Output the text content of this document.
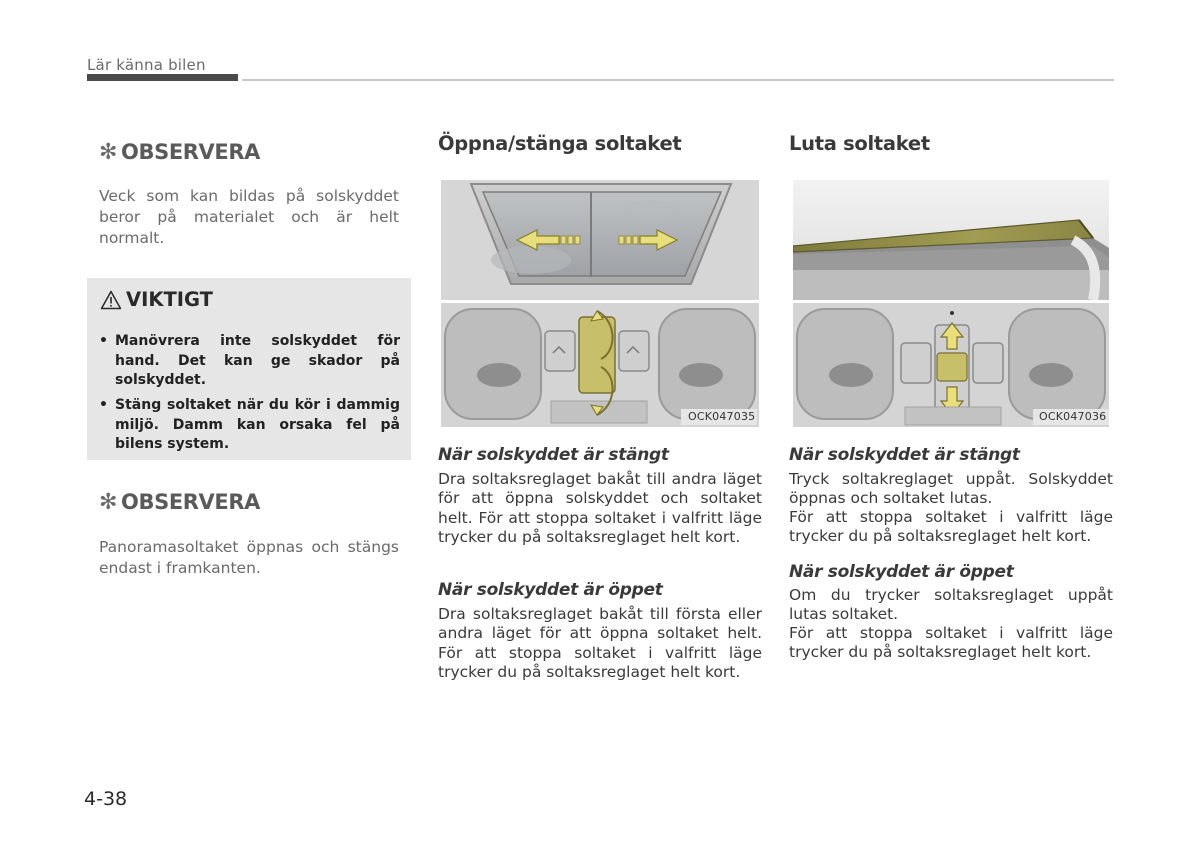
Lär känna bilen
✻ OBSERVERA
Veck som kan bildas på solskyddet beror på materialet och är helt normalt.
VIKTIGT
• Manövrera inte solskyddet för hand. Det kan ge skador på solskyddet.
• Stäng soltaket när du kör i dammig miljö. Damm kan orsaka fel på bilens system.
✻ OBSERVERA
Panoramasoltaket öppnas och stängs endast i framkanten.
Öppna/stänga soltaket
OCK047035
När solskyddet är stängt
Dra soltaksreglaget bakåt till andra läget för att öppna solskyddet och soltaket helt. För att stoppa soltaket i valfritt läge trycker du på soltaksreglaget helt kort.
När solskyddet är öppet
Dra soltaksreglaget bakåt till första eller andra läget för att öppna soltaket helt. För att stoppa soltaket i valfritt läge trycker du på soltaksreglaget helt kort.
Luta soltaket
OCK047036
När solskyddet är stängt
Tryck soltakreglaget uppåt. Solskyddet öppnas och soltaket lutas.
För att stoppa soltaket i valfritt läge trycker du på soltaksreglaget helt kort.
När solskyddet är öppet
Om du trycker soltaksreglaget uppåt lutas soltaket.
För att stoppa soltaket i valfritt läge trycker du på soltaksreglaget helt kort.
4-38
